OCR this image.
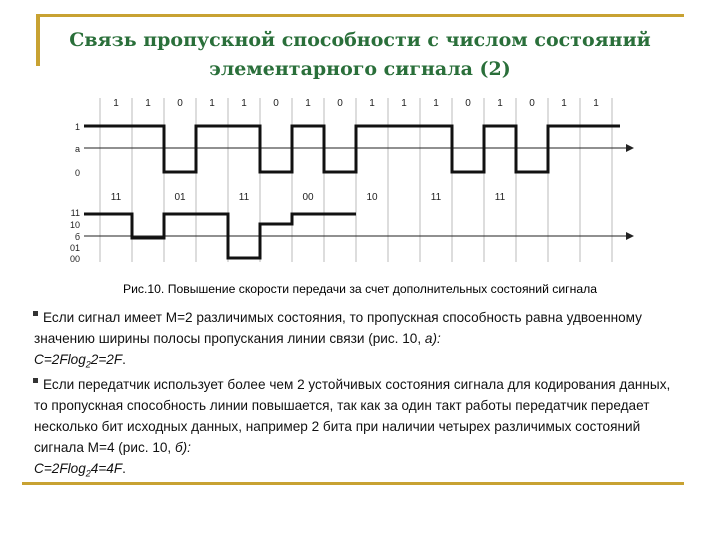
Связь пропускной способности с числом состояний
элементарного сигнала (2)
1	1	0	1	1	0	1	0	1	1	1	0	1	0	1	1
11	01	11	00	10	11	11
1
a
0
11
10
б
01
00
Рис.10. Повышение скорости передачи за счет дополнительных состояний сигнала
Если сигнал имеет M=2 различимых состояния, то пропускная способность равна удвоенному значению ширины полосы пропускания линии связи (рис. 10, а):
C=2Flog$_2$2=2F.
Если передатчик использует более чем 2 устойчивых состояния сигнала для кодирования данных, то пропускная способность линии повышается, так как за один такт работы передатчик передает несколько бит исходных данных, например 2 бита при наличии четырех различимых состояний сигнала M=4 (рис. 10, б):
C=2Flog$_2$4=4F.
